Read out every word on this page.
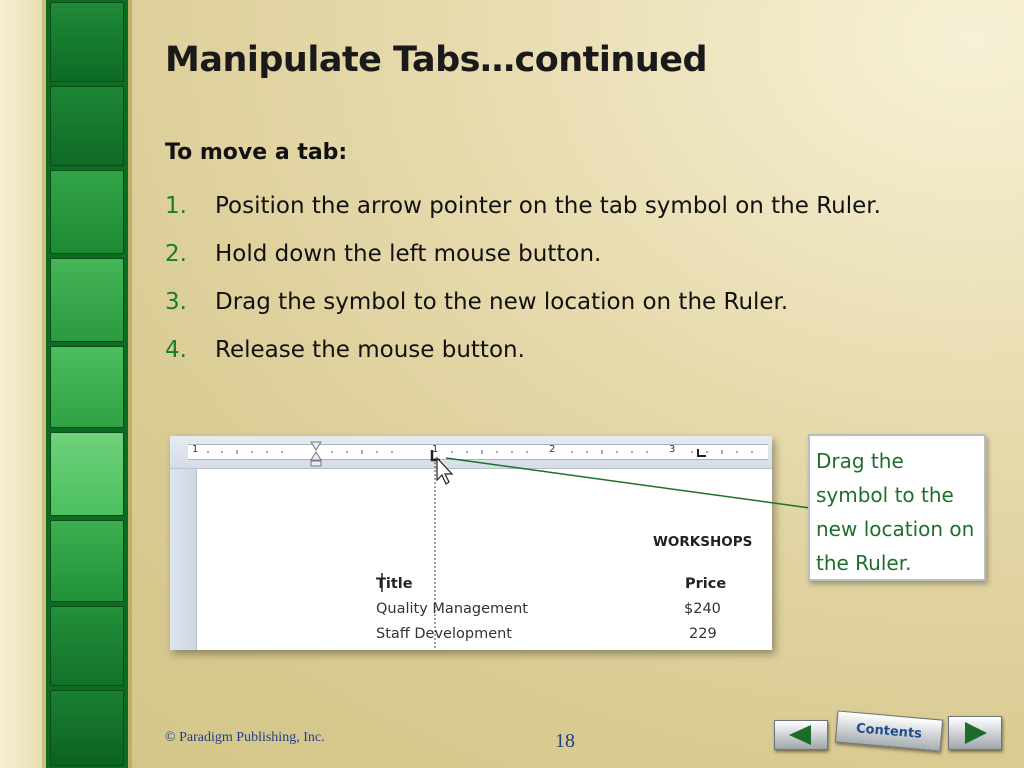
Manipulate Tabs…continued
To move a tab:
1.	Position the arrow pointer on the tab symbol on the Ruler.
2.	Hold down the left mouse button.
3.	Drag the symbol to the new location on the Ruler.
4.	Release the mouse button.
1	1	2	3
WORKSHOPS
Title	Price
Quality Management	$240
Staff Development	229
Drag the symbol to the new location on the Ruler.
© Paradigm Publishing, Inc.	18	Contents
